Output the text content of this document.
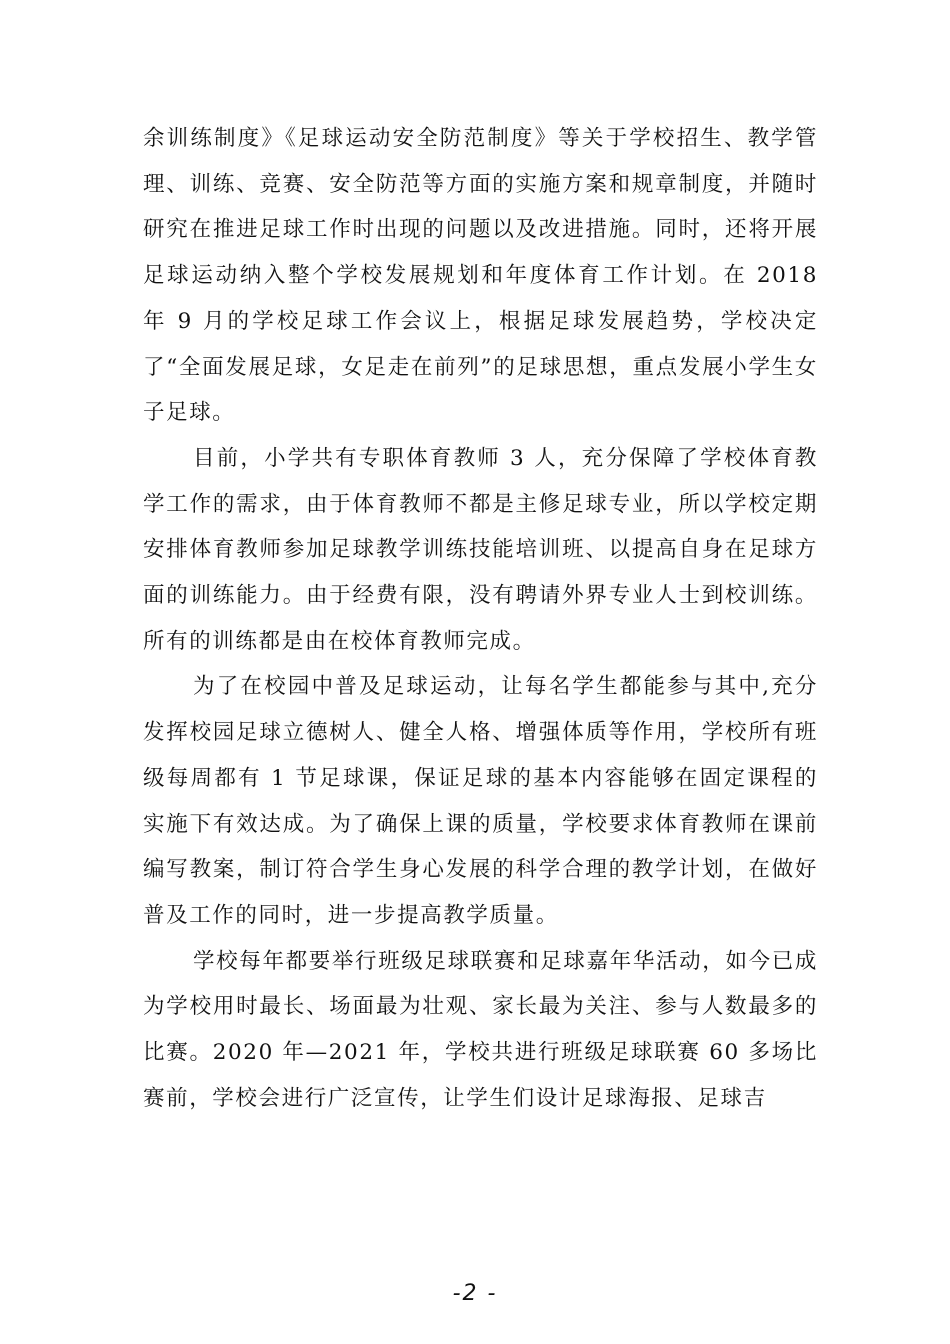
余训练制度》《足球运动安全防范制度》等关于学校招生、教学管理、训练、竞赛、安全防范等方面的实施方案和规章制度，并随时研究在推进足球工作时出现的问题以及改进措施。同时，还将开展足球运动纳入整个学校发展规划和年度体育工作计划。在 2018 年 9 月的学校足球工作会议上，根据足球发展趋势，学校决定了“全面发展足球，女足走在前列”的足球思想，重点发展小学生女子足球。

目前，小学共有专职体育教师 3 人，充分保障了学校体育教学工作的需求，由于体育教师不都是主修足球专业，所以学校定期安排体育教师参加足球教学训练技能培训班、以提高自身在足球方面的训练能力。由于经费有限，没有聘请外界专业人士到校训练。所有的训练都是由在校体育教师完成。

为了在校园中普及足球运动，让每名学生都能参与其中,充分发挥校园足球立德树人、健全人格、增强体质等作用，学校所有班级每周都有 1 节足球课，保证足球的基本内容能够在固定课程的实施下有效达成。为了确保上课的质量，学校要求体育教师在课前编写教案，制订符合学生身心发展的科学合理的教学计划，在做好普及工作的同时，进一步提高教学质量。

学校每年都要举行班级足球联赛和足球嘉年华活动，如今已成为学校用时最长、场面最为壮观、家长最为关注、参与人数最多的比赛。2020 年—2021 年，学校共进行班级足球联赛 60 多场比赛前，学校会进行广泛宣传，让学生们设计足球海报、足球吉

-2 -
